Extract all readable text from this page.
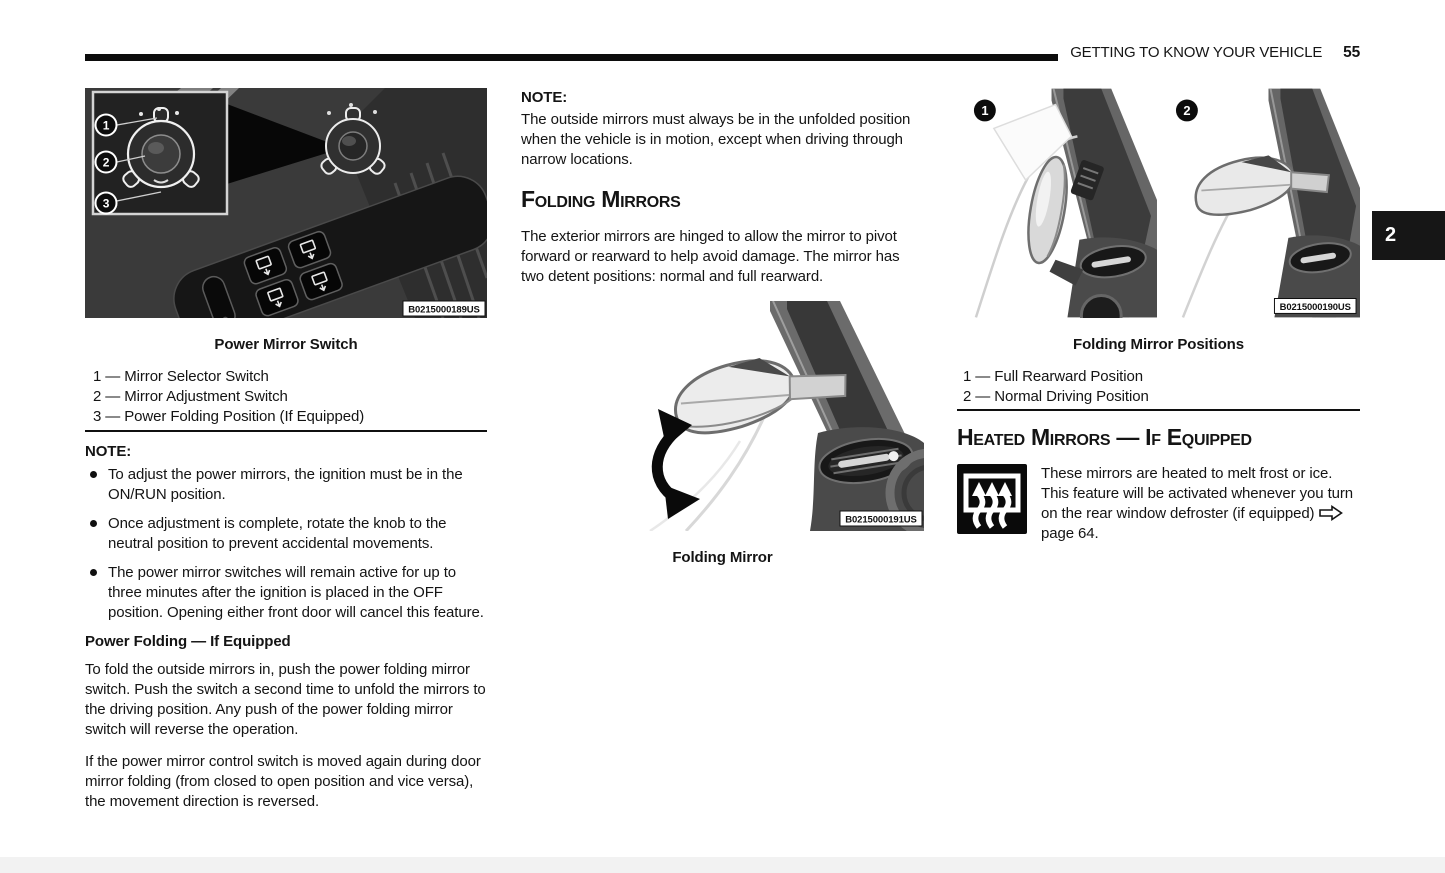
GETTING TO KNOW YOUR VEHICLE 55
2
1
2
3
B0215000189US
Power Mirror Switch
1 — Mirror Selector Switch
2 — Mirror Adjustment Switch
3 — Power Folding Position (If Equipped)
NOTE:
To adjust the power mirrors, the ignition must be in the ON/RUN position.
Once adjustment is complete, rotate the knob to the neutral position to prevent accidental movements.
The power mirror switches will remain active for up to three minutes after the ignition is placed in the OFF position. Opening either front door will cancel this feature.
Power Folding — If Equipped
To fold the outside mirrors in, push the power folding mirror switch. Push the switch a second time to unfold the mirrors to the driving position. Any push of the power folding mirror switch will reverse the operation.
If the power mirror control switch is moved again during door mirror folding (from closed to open position and vice versa), the movement direction is reversed.
NOTE:
The outside mirrors must always be in the unfolded position when the vehicle is in motion, except when driving through narrow locations.
Folding Mirrors
The exterior mirrors are hinged to allow the mirror to pivot forward or rearward to help avoid damage. The mirror has two detent positions: normal and full rearward.
B0215000191US
Folding Mirror
1	2
B0215000190US
Folding Mirror Positions
1 — Full Rearward Position
2 — Normal Driving Position
Heated Mirrors — If Equipped
These mirrors are heated to melt frost or ice. This feature will be activated whenever you turn on the rear window defroster (if equipped)page 64.
